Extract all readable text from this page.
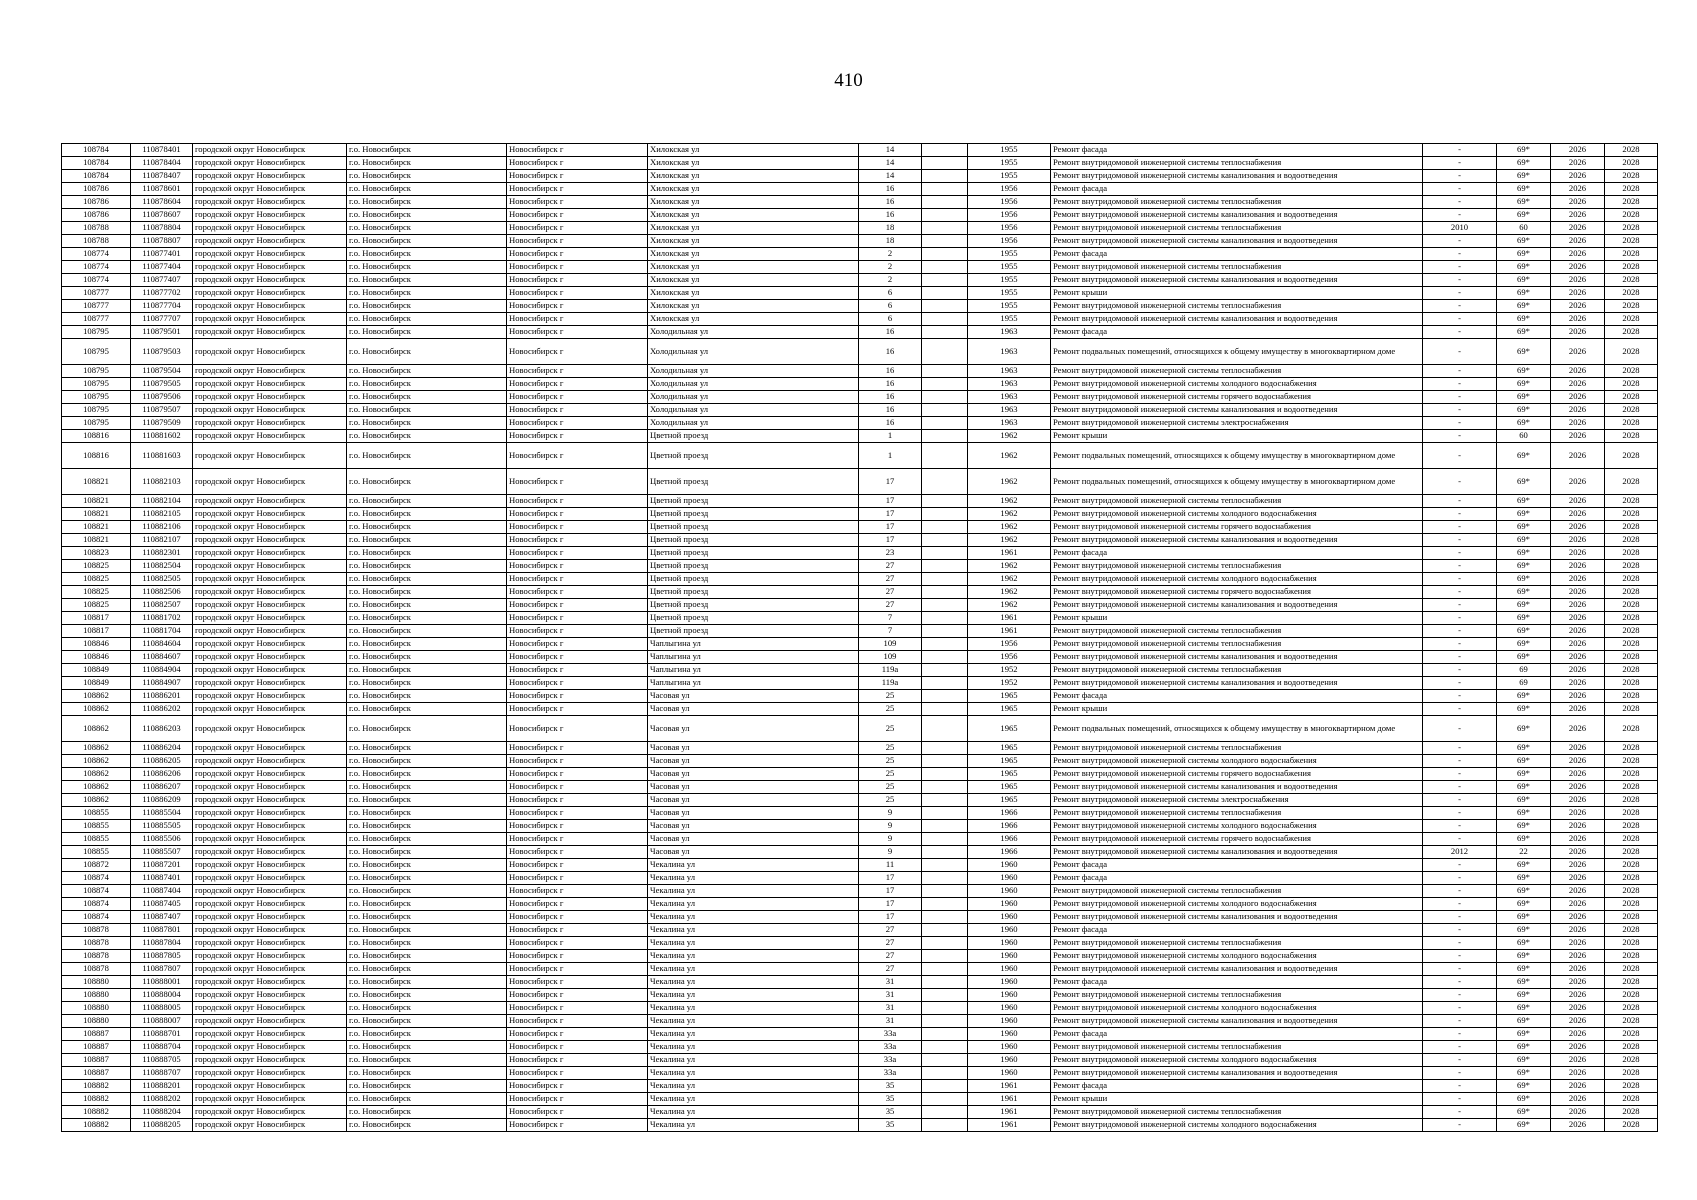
410
108784	110878401	городской округ Новосибирск	г.о. Новосибирск	Новосибирск г	Хилокская ул	14		1955	Ремонт фасада	-	69*	2026	2028
108784	110878404	городской округ Новосибирск	г.о. Новосибирск	Новосибирск г	Хилокская ул	14		1955	Ремонт внутридомовой инженерной системы теплоснабжения	-	69*	2026	2028
108784	110878407	городской округ Новосибирск	г.о. Новосибирск	Новосибирск г	Хилокская ул	14		1955	Ремонт внутридомовой инженерной системы канализования и водоотведения	-	69*	2026	2028
108786	110878601	городской округ Новосибирск	г.о. Новосибирск	Новосибирск г	Хилокская ул	16		1956	Ремонт фасада	-	69*	2026	2028
108786	110878604	городской округ Новосибирск	г.о. Новосибирск	Новосибирск г	Хилокская ул	16		1956	Ремонт внутридомовой инженерной системы теплоснабжения	-	69*	2026	2028
108786	110878607	городской округ Новосибирск	г.о. Новосибирск	Новосибирск г	Хилокская ул	16		1956	Ремонт внутридомовой инженерной системы канализования и водоотведения	-	69*	2026	2028
108788	110878804	городской округ Новосибирск	г.о. Новосибирск	Новосибирск г	Хилокская ул	18		1956	Ремонт внутридомовой инженерной системы теплоснабжения	2010	60	2026	2028
108788	110878807	городской округ Новосибирск	г.о. Новосибирск	Новосибирск г	Хилокская ул	18		1956	Ремонт внутридомовой инженерной системы канализования и водоотведения	-	69*	2026	2028
108774	110877401	городской округ Новосибирск	г.о. Новосибирск	Новосибирск г	Хилокская ул	2		1955	Ремонт фасада	-	69*	2026	2028
108774	110877404	городской округ Новосибирск	г.о. Новосибирск	Новосибирск г	Хилокская ул	2		1955	Ремонт внутридомовой инженерной системы теплоснабжения	-	69*	2026	2028
108774	110877407	городской округ Новосибирск	г.о. Новосибирск	Новосибирск г	Хилокская ул	2		1955	Ремонт внутридомовой инженерной системы канализования и водоотведения	-	69*	2026	2028
108777	110877702	городской округ Новосибирск	г.о. Новосибирск	Новосибирск г	Хилокская ул	6		1955	Ремонт крыши	-	69*	2026	2028
108777	110877704	городской округ Новосибирск	г.о. Новосибирск	Новосибирск г	Хилокская ул	6		1955	Ремонт внутридомовой инженерной системы теплоснабжения	-	69*	2026	2028
108777	110877707	городской округ Новосибирск	г.о. Новосибирск	Новосибирск г	Хилокская ул	6		1955	Ремонт внутридомовой инженерной системы канализования и водоотведения	-	69*	2026	2028
108795	110879501	городской округ Новосибирск	г.о. Новосибирск	Новосибирск г	Холодильная ул	16		1963	Ремонт фасада	-	69*	2026	2028
108795	110879503	городской округ Новосибирск	г.о. Новосибирск	Новосибирск г	Холодильная ул	16		1963	Ремонт подвальных помещений, относящихся к общему имуществу в многоквартирном доме	-	69*	2026	2028
108795	110879504	городской округ Новосибирск	г.о. Новосибирск	Новосибирск г	Холодильная ул	16		1963	Ремонт внутридомовой инженерной системы теплоснабжения	-	69*	2026	2028
108795	110879505	городской округ Новосибирск	г.о. Новосибирск	Новосибирск г	Холодильная ул	16		1963	Ремонт внутридомовой инженерной системы холодного водоснабжения	-	69*	2026	2028
108795	110879506	городской округ Новосибирск	г.о. Новосибирск	Новосибирск г	Холодильная ул	16		1963	Ремонт внутридомовой инженерной системы горячего водоснабжения	-	69*	2026	2028
108795	110879507	городской округ Новосибирск	г.о. Новосибирск	Новосибирск г	Холодильная ул	16		1963	Ремонт внутридомовой инженерной системы канализования и водоотведения	-	69*	2026	2028
108795	110879509	городской округ Новосибирск	г.о. Новосибирск	Новосибирск г	Холодильная ул	16		1963	Ремонт внутридомовой инженерной системы электроснабжения	-	69*	2026	2028
108816	110881602	городской округ Новосибирск	г.о. Новосибирск	Новосибирск г	Цветной проезд	1		1962	Ремонт крыши	-	60	2026	2028
108816	110881603	городской округ Новосибирск	г.о. Новосибирск	Новосибирск г	Цветной проезд	1		1962	Ремонт подвальных помещений, относящихся к общему имуществу в многоквартирном доме	-	69*	2026	2028
108821	110882103	городской округ Новосибирск	г.о. Новосибирск	Новосибирск г	Цветной проезд	17		1962	Ремонт подвальных помещений, относящихся к общему имуществу в многоквартирном доме	-	69*	2026	2028
108821	110882104	городской округ Новосибирск	г.о. Новосибирск	Новосибирск г	Цветной проезд	17		1962	Ремонт внутридомовой инженерной системы теплоснабжения	-	69*	2026	2028
108821	110882105	городской округ Новосибирск	г.о. Новосибирск	Новосибирск г	Цветной проезд	17		1962	Ремонт внутридомовой инженерной системы холодного водоснабжения	-	69*	2026	2028
108821	110882106	городской округ Новосибирск	г.о. Новосибирск	Новосибирск г	Цветной проезд	17		1962	Ремонт внутридомовой инженерной системы горячего водоснабжения	-	69*	2026	2028
108821	110882107	городской округ Новосибирск	г.о. Новосибирск	Новосибирск г	Цветной проезд	17		1962	Ремонт внутридомовой инженерной системы канализования и водоотведения	-	69*	2026	2028
108823	110882301	городской округ Новосибирск	г.о. Новосибирск	Новосибирск г	Цветной проезд	23		1961	Ремонт фасада	-	69*	2026	2028
108825	110882504	городской округ Новосибирск	г.о. Новосибирск	Новосибирск г	Цветной проезд	27		1962	Ремонт внутридомовой инженерной системы теплоснабжения	-	69*	2026	2028
108825	110882505	городской округ Новосибирск	г.о. Новосибирск	Новосибирск г	Цветной проезд	27		1962	Ремонт внутридомовой инженерной системы холодного водоснабжения	-	69*	2026	2028
108825	110882506	городской округ Новосибирск	г.о. Новосибирск	Новосибирск г	Цветной проезд	27		1962	Ремонт внутридомовой инженерной системы горячего водоснабжения	-	69*	2026	2028
108825	110882507	городской округ Новосибирск	г.о. Новосибирск	Новосибирск г	Цветной проезд	27		1962	Ремонт внутридомовой инженерной системы канализования и водоотведения	-	69*	2026	2028
108817	110881702	городской округ Новосибирск	г.о. Новосибирск	Новосибирск г	Цветной проезд	7		1961	Ремонт крыши	-	69*	2026	2028
108817	110881704	городской округ Новосибирск	г.о. Новосибирск	Новосибирск г	Цветной проезд	7		1961	Ремонт внутридомовой инженерной системы теплоснабжения	-	69*	2026	2028
108846	110884604	городской округ Новосибирск	г.о. Новосибирск	Новосибирск г	Чаплыгина ул	109		1956	Ремонт внутридомовой инженерной системы теплоснабжения	-	69*	2026	2028
108846	110884607	городской округ Новосибирск	г.о. Новосибирск	Новосибирск г	Чаплыгина ул	109		1956	Ремонт внутридомовой инженерной системы канализования и водоотведения	-	69*	2026	2028
108849	110884904	городской округ Новосибирск	г.о. Новосибирск	Новосибирск г	Чаплыгина ул	119а		1952	Ремонт внутридомовой инженерной системы теплоснабжения	-	69	2026	2028
108849	110884907	городской округ Новосибирск	г.о. Новосибирск	Новосибирск г	Чаплыгина ул	119а		1952	Ремонт внутридомовой инженерной системы канализования и водоотведения	-	69	2026	2028
108862	110886201	городской округ Новосибирск	г.о. Новосибирск	Новосибирск г	Часовая ул	25		1965	Ремонт фасада	-	69*	2026	2028
108862	110886202	городской округ Новосибирск	г.о. Новосибирск	Новосибирск г	Часовая ул	25		1965	Ремонт крыши	-	69*	2026	2028
108862	110886203	городской округ Новосибирск	г.о. Новосибирск	Новосибирск г	Часовая ул	25		1965	Ремонт подвальных помещений, относящихся к общему имуществу в многоквартирном доме	-	69*	2026	2028
108862	110886204	городской округ Новосибирск	г.о. Новосибирск	Новосибирск г	Часовая ул	25		1965	Ремонт внутридомовой инженерной системы теплоснабжения	-	69*	2026	2028
108862	110886205	городской округ Новосибирск	г.о. Новосибирск	Новосибирск г	Часовая ул	25		1965	Ремонт внутридомовой инженерной системы холодного водоснабжения	-	69*	2026	2028
108862	110886206	городской округ Новосибирск	г.о. Новосибирск	Новосибирск г	Часовая ул	25		1965	Ремонт внутридомовой инженерной системы горячего водоснабжения	-	69*	2026	2028
108862	110886207	городской округ Новосибирск	г.о. Новосибирск	Новосибирск г	Часовая ул	25		1965	Ремонт внутридомовой инженерной системы канализования и водоотведения	-	69*	2026	2028
108862	110886209	городской округ Новосибирск	г.о. Новосибирск	Новосибирск г	Часовая ул	25		1965	Ремонт внутридомовой инженерной системы электроснабжения	-	69*	2026	2028
108855	110885504	городской округ Новосибирск	г.о. Новосибирск	Новосибирск г	Часовая ул	9		1966	Ремонт внутридомовой инженерной системы теплоснабжения	-	69*	2026	2028
108855	110885505	городской округ Новосибирск	г.о. Новосибирск	Новосибирск г	Часовая ул	9		1966	Ремонт внутридомовой инженерной системы холодного водоснабжения	-	69*	2026	2028
108855	110885506	городской округ Новосибирск	г.о. Новосибирск	Новосибирск г	Часовая ул	9		1966	Ремонт внутридомовой инженерной системы горячего водоснабжения	-	69*	2026	2028
108855	110885507	городской округ Новосибирск	г.о. Новосибирск	Новосибирск г	Часовая ул	9		1966	Ремонт внутридомовой инженерной системы канализования и водоотведения	2012	22	2026	2028
108872	110887201	городской округ Новосибирск	г.о. Новосибирск	Новосибирск г	Чекалина ул	11		1960	Ремонт фасада	-	69*	2026	2028
108874	110887401	городской округ Новосибирск	г.о. Новосибирск	Новосибирск г	Чекалина ул	17		1960	Ремонт фасада	-	69*	2026	2028
108874	110887404	городской округ Новосибирск	г.о. Новосибирск	Новосибирск г	Чекалина ул	17		1960	Ремонт внутридомовой инженерной системы теплоснабжения	-	69*	2026	2028
108874	110887405	городской округ Новосибирск	г.о. Новосибирск	Новосибирск г	Чекалина ул	17		1960	Ремонт внутридомовой инженерной системы холодного водоснабжения	-	69*	2026	2028
108874	110887407	городской округ Новосибирск	г.о. Новосибирск	Новосибирск г	Чекалина ул	17		1960	Ремонт внутридомовой инженерной системы канализования и водоотведения	-	69*	2026	2028
108878	110887801	городской округ Новосибирск	г.о. Новосибирск	Новосибирск г	Чекалина ул	27		1960	Ремонт фасада	-	69*	2026	2028
108878	110887804	городской округ Новосибирск	г.о. Новосибирск	Новосибирск г	Чекалина ул	27		1960	Ремонт внутридомовой инженерной системы теплоснабжения	-	69*	2026	2028
108878	110887805	городской округ Новосибирск	г.о. Новосибирск	Новосибирск г	Чекалина ул	27		1960	Ремонт внутридомовой инженерной системы холодного водоснабжения	-	69*	2026	2028
108878	110887807	городской округ Новосибирск	г.о. Новосибирск	Новосибирск г	Чекалина ул	27		1960	Ремонт внутридомовой инженерной системы канализования и водоотведения	-	69*	2026	2028
108880	110888001	городской округ Новосибирск	г.о. Новосибирск	Новосибирск г	Чекалина ул	31		1960	Ремонт фасада	-	69*	2026	2028
108880	110888004	городской округ Новосибирск	г.о. Новосибирск	Новосибирск г	Чекалина ул	31		1960	Ремонт внутридомовой инженерной системы теплоснабжения	-	69*	2026	2028
108880	110888005	городской округ Новосибирск	г.о. Новосибирск	Новосибирск г	Чекалина ул	31		1960	Ремонт внутридомовой инженерной системы холодного водоснабжения	-	69*	2026	2028
108880	110888007	городской округ Новосибирск	г.о. Новосибирск	Новосибирск г	Чекалина ул	31		1960	Ремонт внутридомовой инженерной системы канализования и водоотведения	-	69*	2026	2028
108887	110888701	городской округ Новосибирск	г.о. Новосибирск	Новосибирск г	Чекалина ул	33а		1960	Ремонт фасада	-	69*	2026	2028
108887	110888704	городской округ Новосибирск	г.о. Новосибирск	Новосибирск г	Чекалина ул	33а		1960	Ремонт внутридомовой инженерной системы теплоснабжения	-	69*	2026	2028
108887	110888705	городской округ Новосибирск	г.о. Новосибирск	Новосибирск г	Чекалина ул	33а		1960	Ремонт внутридомовой инженерной системы холодного водоснабжения	-	69*	2026	2028
108887	110888707	городской округ Новосибирск	г.о. Новосибирск	Новосибирск г	Чекалина ул	33а		1960	Ремонт внутридомовой инженерной системы канализования и водоотведения	-	69*	2026	2028
108882	110888201	городской округ Новосибирск	г.о. Новосибирск	Новосибирск г	Чекалина ул	35		1961	Ремонт фасада	-	69*	2026	2028
108882	110888202	городской округ Новосибирск	г.о. Новосибирск	Новосибирск г	Чекалина ул	35		1961	Ремонт крыши	-	69*	2026	2028
108882	110888204	городской округ Новосибирск	г.о. Новосибирск	Новосибирск г	Чекалина ул	35		1961	Ремонт внутридомовой инженерной системы теплоснабжения	-	69*	2026	2028
108882	110888205	городской округ Новосибирск	г.о. Новосибирск	Новосибирск г	Чекалина ул	35		1961	Ремонт внутридомовой инженерной системы холодного водоснабжения	-	69*	2026	2028
